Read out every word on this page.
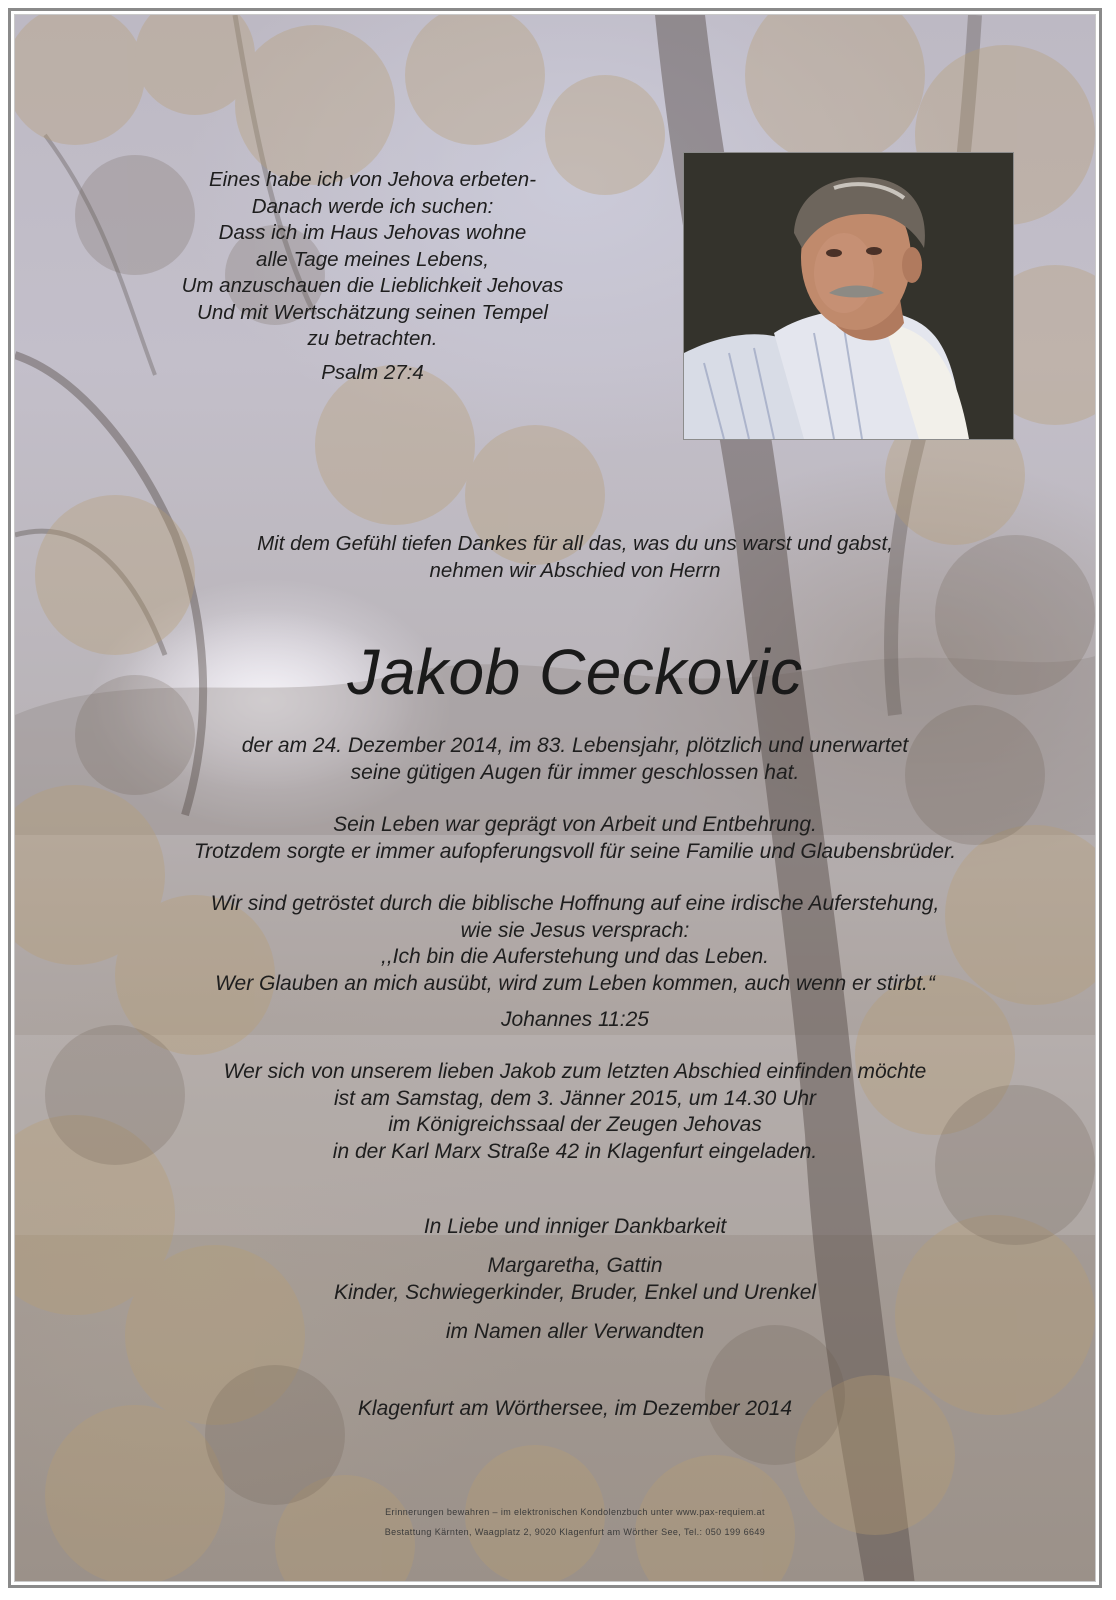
Eines habe ich von Jehova erbeten-
Danach werde ich suchen:
Dass ich im Haus Jehovas wohne
alle Tage meines Lebens,
Um anzuschauen die Lieblichkeit Jehovas
Und mit Wertschätzung seinen Tempel
zu betrachten.
Psalm 27:4
Mit dem Gefühl tiefen Dankes für all das, was du uns warst und gabst,
nehmen wir Abschied von Herrn
Jakob Ceckovic
der am 24. Dezember 2014, im 83. Lebensjahr, plötzlich und unerwartet
seine gütigen Augen für immer geschlossen hat.
Sein Leben war geprägt von Arbeit und Entbehrung.
Trotzdem sorgte er immer aufopferungsvoll für seine Familie und Glaubensbrüder.
Wir sind getröstet durch die biblische Hoffnung auf eine irdische Auferstehung,
wie sie Jesus versprach:
,,Ich bin die Auferstehung und das Leben.
Wer Glauben an mich ausübt, wird zum Leben kommen, auch wenn er stirbt.“
Johannes 11:25
Wer sich von unserem lieben Jakob zum letzten Abschied einfinden möchte
ist am Samstag, dem 3. Jänner 2015, um 14.30 Uhr
im Königreichssaal der Zeugen Jehovas
in der Karl Marx Straße 42 in Klagenfurt eingeladen.
In Liebe und inniger Dankbarkeit
Margaretha, Gattin
Kinder, Schwiegerkinder, Bruder, Enkel und Urenkel
im Namen aller Verwandten
Klagenfurt am Wörthersee, im Dezember 2014
Erinnerungen bewahren – im elektronischen Kondolenzbuch unter www.pax-requiem.at
Bestattung Kärnten, Waagplatz 2, 9020 Klagenfurt am Wörther See, Tel.: 050 199 6649
